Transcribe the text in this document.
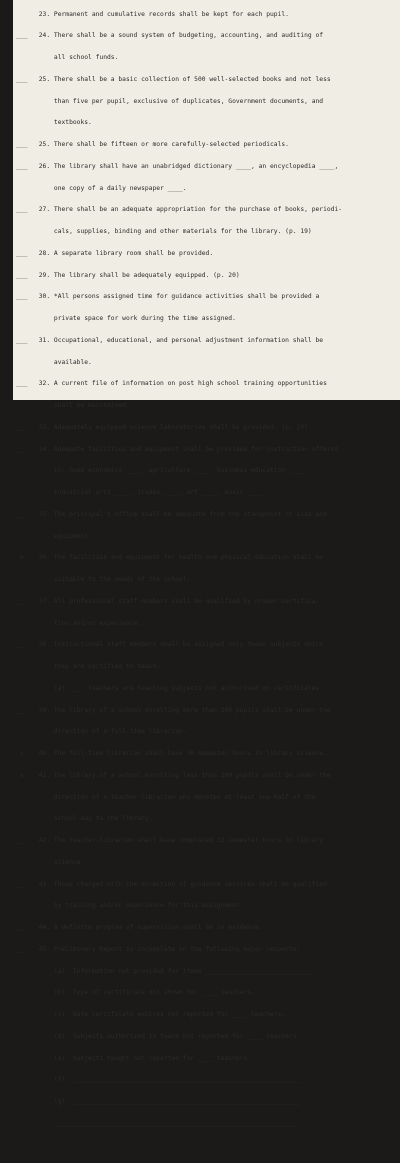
23. Permanent and cumulative records shall be kept for each pupil.

___   24. There shall be a sound system of budgeting, accounting, and auditing of

all school funds.

___   25. There shall be a basic collection of 500 well-selected books and not less

than five per pupil, exclusive of duplicates, Government documents, and

textbooks.

___   25. There shall be fifteen or more carefully-selected periodicals.

___   26. The library shall have an unabridged dictionary ____, an encyclopedia ____,

one copy of a daily newspaper ____.

___   27. There shall be an adequate appropriation for the purchase of books, periodi-

cals, supplies, binding and other materials for the library. (p. 19)

___   28. A separate library room shall be provided.

___   29. The library shall be adequately equipped. (p. 20)

___   30. *All persons assigned time for guidance activities shall be provided a

private space for work during the time assigned.

___   31. Occupational, educational, and personal adjustment information shall be

available.

___   32. A current file of information on post high school training opportunities

shall be maintained.

___   33. Adequately equipped science laboratories shall be provided. (p. 20)

___   34. Adequate facilities and equipment shall be provided for instruction offered

in: home economics ____, agriculture ____, business education ____,

industrial arts ____, trades ____, art ____, music ____.

___   35. The principal's office shall be adequate from the standpoint of size and

equipment.

x    36. The facilities and equipment for health and physical education shall be

suitable to the needs of the school.

___   37. All professional staff members shall be qualified by proper certifica-

tion and/or experience.

___   38. Instructional staff members shall be assigned only those subjects which

they are certified to teach.

(a) ____ teachers are teaching subjects not authorized on certificates.

___   39. The library of a school enrolling more than 200 pupils shall be under the

direction of a full-time librarian.

x    40. The full-time librarian shall have 30 semester hours in library science.

x    41. The library of a school enrolling less than 200 pupils shall be under the

direction of a teacher-librarian who devotes at least one-half of the

school day to the library.

___   42. The teacher-librarian shall have completed 12 semester hours in library

science.

___   43. Those charged with the direction of guidance services shall be qualified

by training and/or experience for this assignment.

___   44. A definite program of supervision shall be in evidence.

___   45. Preliminary Report is incomplete in the following major respects:

(a)  Information not provided for items _____________________________.

(b)  Type of certificate not shown for ____ teachers.

(c)  Date certificate expires not reported for ____ teachers.

(d)  Subjects authorized to teach not reported for ____ teachers.

(e)  Subjects taught not reported for ____ teachers.

(f)  ____________________________________________________________

(g)  ____________________________________________________________

________________________________________________________________
